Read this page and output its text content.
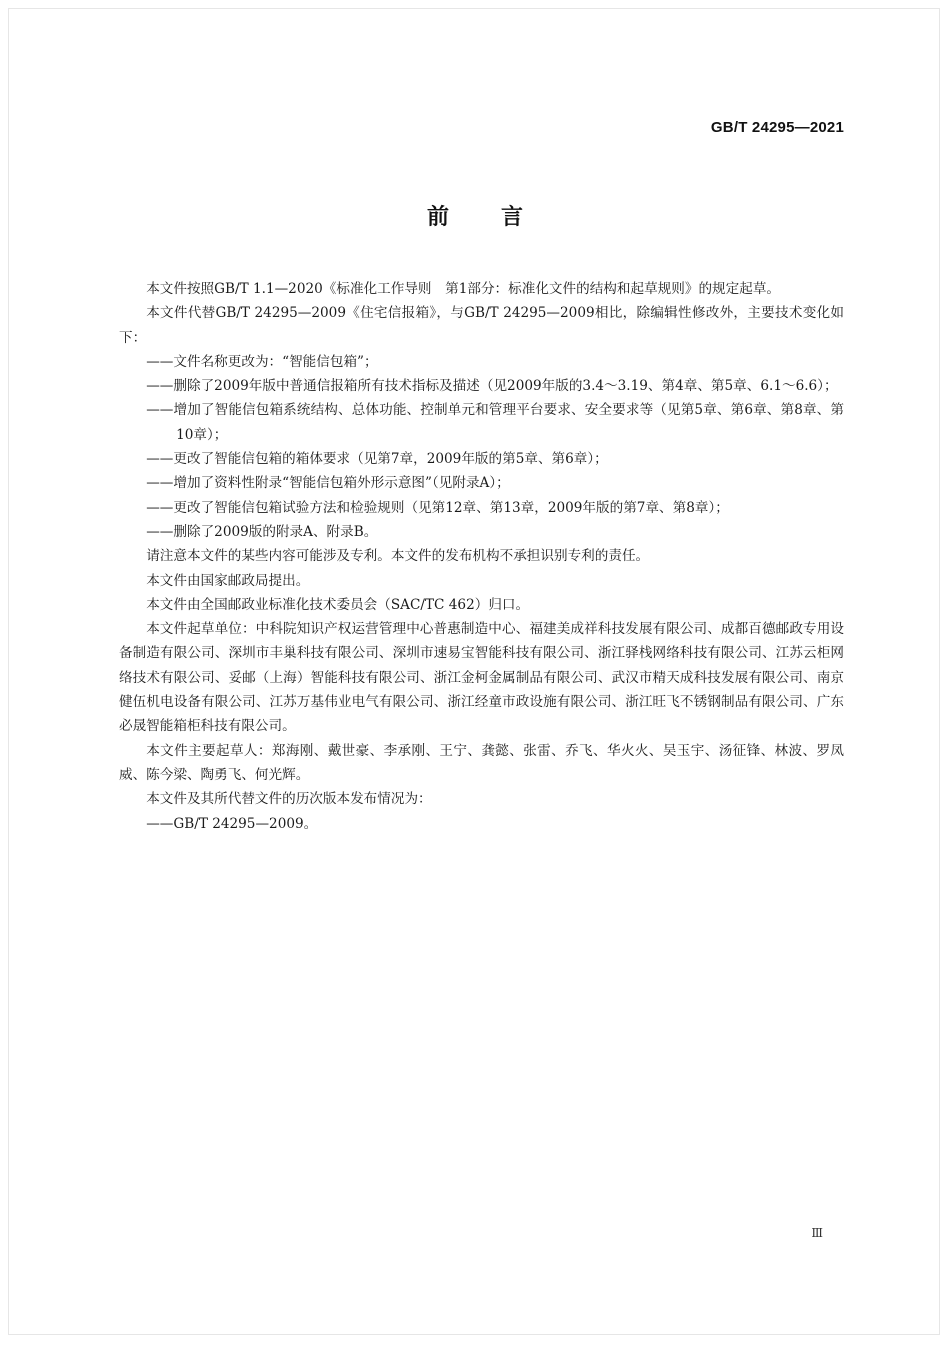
GB/T 24295—2021
前言

本文件按照GB/T 1.1—2020《标准化工作导则　第1部分：标准化文件的结构和起草规则》的规定起草。

本文件代替GB/T 24295—2009《住宅信报箱》，与GB/T 24295—2009相比，除编辑性修改外，主要技术变化如下：

——文件名称更改为：“智能信包箱”；

——删除了2009年版中普通信报箱所有技术指标及描述（见2009年版的3.4～3.19、第4章、第5章、6.1～6.6）；

——增加了智能信包箱系统结构、总体功能、控制单元和管理平台要求、安全要求等（见第5章、第6章、第8章、第10章）；

——更改了智能信包箱的箱体要求（见第7章，2009年版的第5章、第6章）；

——增加了资料性附录“智能信包箱外形示意图”（见附录A）；

——更改了智能信包箱试验方法和检验规则（见第12章、第13章，2009年版的第7章、第8章）；

——删除了2009版的附录A、附录B。

请注意本文件的某些内容可能涉及专利。本文件的发布机构不承担识别专利的责任。

本文件由国家邮政局提出。

本文件由全国邮政业标准化技术委员会（SAC/TC 462）归口。

本文件起草单位：中科院知识产权运营管理中心普惠制造中心、福建美成祥科技发展有限公司、成都百德邮政专用设备制造有限公司、深圳市丰巢科技有限公司、深圳市速易宝智能科技有限公司、浙江驿栈网络科技有限公司、江苏云柜网络技术有限公司、妥邮（上海）智能科技有限公司、浙江金柯金属制品有限公司、武汉市精天成科技发展有限公司、南京健伍机电设备有限公司、江苏万基伟业电气有限公司、浙江经童市政设施有限公司、浙江旺飞不锈钢制品有限公司、广东必晟智能箱柜科技有限公司。

本文件主要起草人：郑海刚、戴世豪、李承刚、王宁、龚懿、张雷、乔飞、华火火、吴玉宇、汤征锋、林波、罗凤威、陈今梁、陶勇飞、何光辉。

本文件及其所代替文件的历次版本发布情况为：

——GB/T 24295—2009。

Ⅲ
